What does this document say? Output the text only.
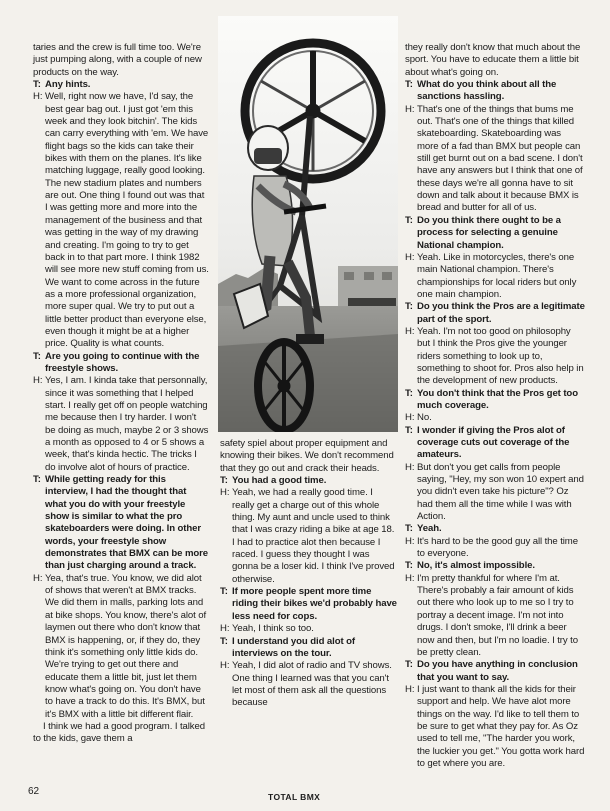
taries and the crew is full time too. We're just pumping along, with a couple of new products on the way.

T: Any hints.

H: Well, right now we have, I'd say, the best gear bag out. I just got 'em this week and they look bitchin'. The kids can carry everything with 'em. We have flight bags so the kids can take their bikes with them on the planes. It's like matching luggage, really good looking. The new stadium plates and numbers are out. One thing I found out was that I was getting more and more into the management of the business and that was getting in the way of my drawing and creating. I'm going to try to get back in to that part more. I think 1982 will see more new stuff coming from us. We want to come across in the future as a more professional organization, more super qual. We try to put out a little better product than everyone else, even though it might be at a higher price. Quality is what counts.

T: Are you going to continue with the freestyle shows.

H: Yes, I am. I kinda take that personnally, since it was something that I helped start. I really get off on people watching me because then I try harder. I won't be doing as much, maybe 2 or 3 shows a month as opposed to 4 or 5 shows a week, that's kinda hectic. The tricks I do involve alot of hours of practice.

T: While getting ready for this interview, I had the thought that what you do with your freestyle show is similar to what the pro skateboarders were doing. In other words, your freestyle show demonstrates that BMX can be more than just charging around a track.

H: Yea, that's true. You know, we did alot of shows that weren't at BMX tracks. We did them in malls, parking lots and at bike shops. You know, there's alot of laymen out there who don't know that BMX is happening, or, if they do, they think it's something only little kids do. We're trying to get out there and educate them a little bit, just let them know what's going on. You don't have to have a track to do this. It's BMX, but it's BMX with a little bit different flair.

I think we had a good program. I talked to the kids, gave them a

safety spiel about proper equipment and knowing their bikes. We don't recommend that they go out and crack their heads.

T: You had a good time.

H: Yeah, we had a really good time. I really get a charge out of this whole thing. My aunt and uncle used to think that I was crazy riding a bike at age 18. I had to practice alot then because I raced. I guess they thought I was gonna be a loser kid. I think I've proved otherwise.

T: If more people spent more time riding their bikes we'd probably have less need for cops.

H: Yeah, I think so too.

T: I understand you did alot of interviews on the tour.

H: Yeah, I did alot of radio and TV shows. One thing I learned was that you can't let most of them ask all the questions because

they really don't know that much about the sport. You have to educate them a little bit about what's going on.

T: What do you think about all the sanctions hassling.

H: That's one of the things that bums me out. That's one of the things that killed skateboarding. Skateboarding was more of a fad than BMX but people can still get burnt out on a bad scene. I don't have any answers but I think that one of these days we're all gonna have to sit down and talk about it because BMX is bread and butter for all of us.

T: Do you think there ought to be a process for selecting a genuine National champion.

H: Yeah. Like in motorcycles, there's one main National champion. There's championships for local riders but only one main champion.

T: Do you think the Pros are a legitimate part of the sport.

H: Yeah. I'm not too good on philosophy but I think the Pros give the younger riders something to look up to, something to shoot for. Pros also help in the development of new products.

T: You don't think that the Pros get too much coverage.

H: No.

T: I wonder if giving the Pros alot of coverage cuts out coverage of the amateurs.

H: But don't you get calls from people saying, "Hey, my son won 10 expert and you didn't even take his picture"? Oz had them all the time while I was with Action.

T: Yeah.

H: It's hard to be the good guy all the time to everyone.

T: No, it's almost impossible.

H: I'm pretty thankful for where I'm at. There's probably a fair amount of kids out there who look up to me so I try to portray a decent image. I'm not into drugs. I don't smoke, I'll drink a beer now and then, but I'm no loadie. I try to be pretty clean.

T: Do you have anything in conclusion that you want to say.

H: I just want to thank all the kids for their support and help. We have alot more things on the way. I'd like to tell them to be sure to get what they pay for. As Oz used to tell me, "The harder you work, the luckier you get." You gotta work hard to get where you are.

62	TOTAL BMX
